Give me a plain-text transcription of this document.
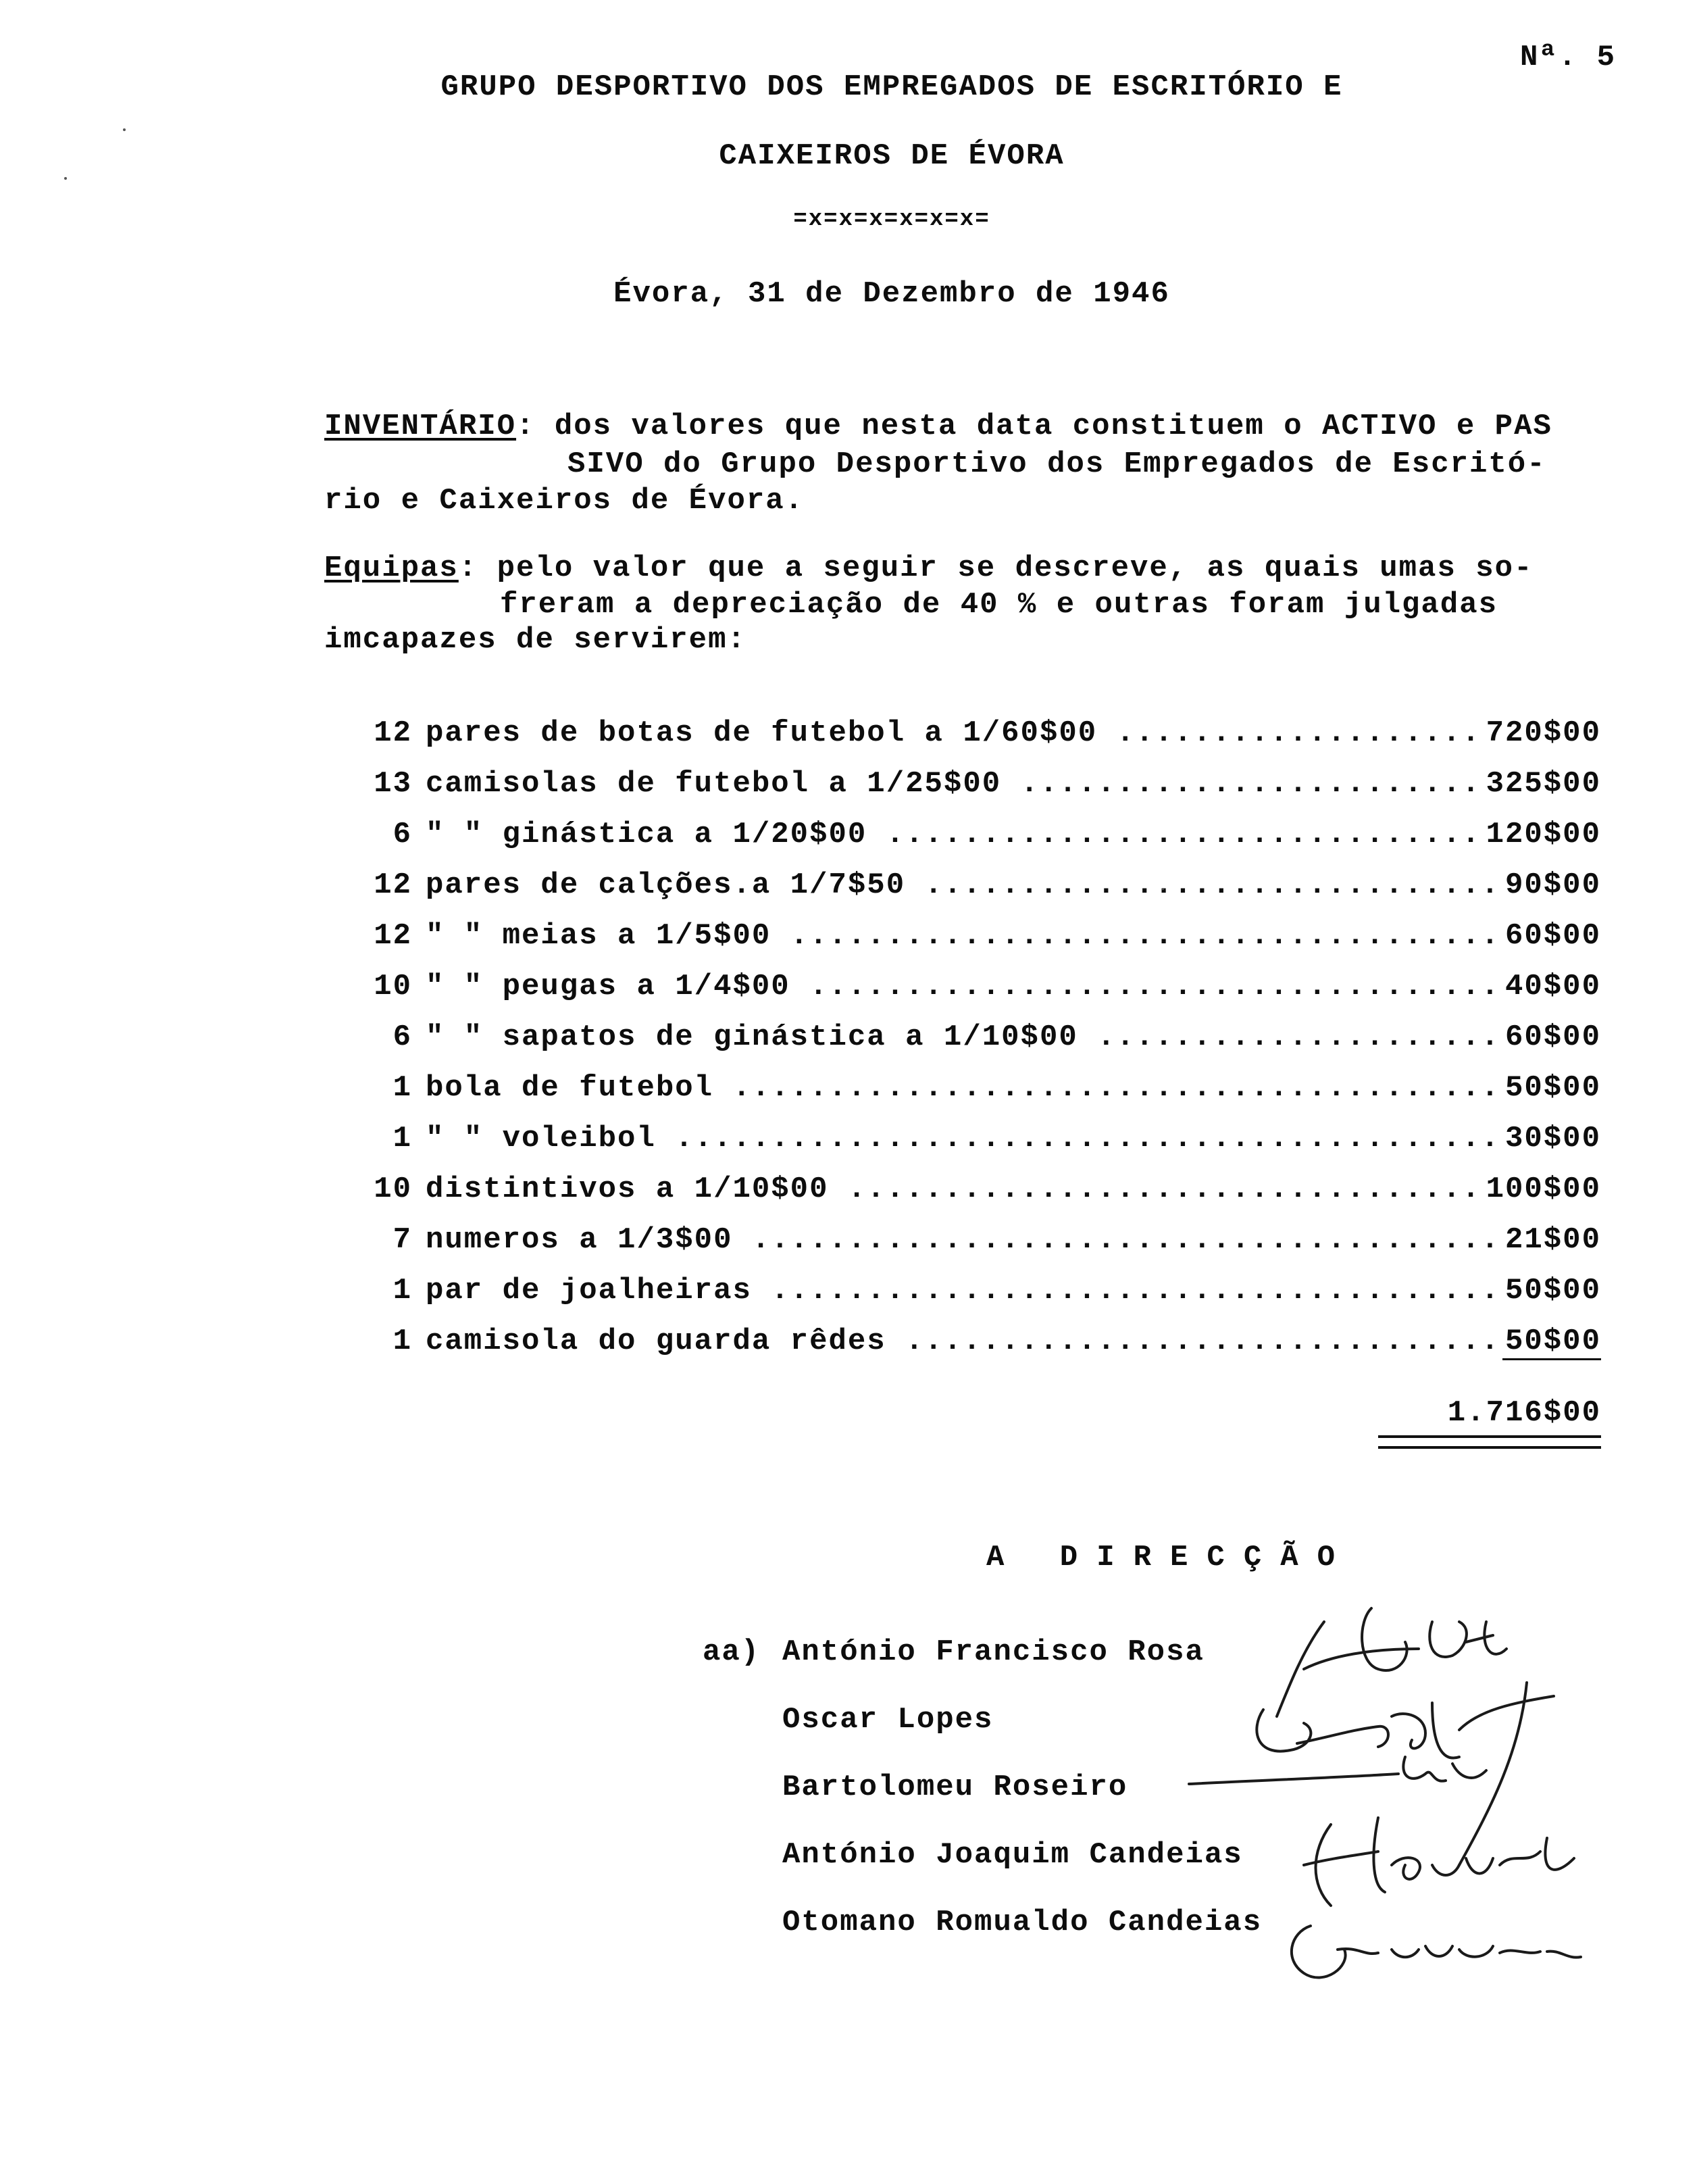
Nª. 5
GRUPO DESPORTIVO DOS EMPREGADOS DE ESCRITÓRIO E
CAIXEIROS DE ÉVORA
=x=x=x=x=x=x=
Évora, 31 de Dezembro de 1946
INVENTÁRIO: dos valores que nesta data constituem o ACTIVO e PAS
SIVO do Grupo Desportivo dos Empregados de Escritó-
rio e Caixeiros de Évora.
Equipas: pelo valor que a seguir se descreve, as quais umas so-
freram a depreciação de 40 % e outras foram julgadas
imcapazes de servirem:
12 pares de botas de futebol a 1/60$00 .....	720$00
13 camisolas de futebol a 1/25$00 .....	325$00
6 " " ginástica a 1/20$00 .....	120$00
12 pares de calções.a 1/7$50 .....	90$00
12 " " meias a 1/5$00 .....	60$00
10 " " peugas a 1/4$00 .....	40$00
6 " " sapatos de ginástica a 1/10$00 .....	60$00
1 bola de futebol .....	50$00
1 " " voleibol .....	30$00
10 distintivos a 1/10$00 .....	100$00
7 numeros a 1/3$00 .....	21$00
1 par de joalheiras .....	50$00
1 camisola do guarda rêdes .....	50$00
1.716$00
A DIRECÇÃO
aa) António Francisco Rosa
Oscar Lopes
Bartolomeu Roseiro
António Joaquim Candeias
Otomano Romualdo Candeias
